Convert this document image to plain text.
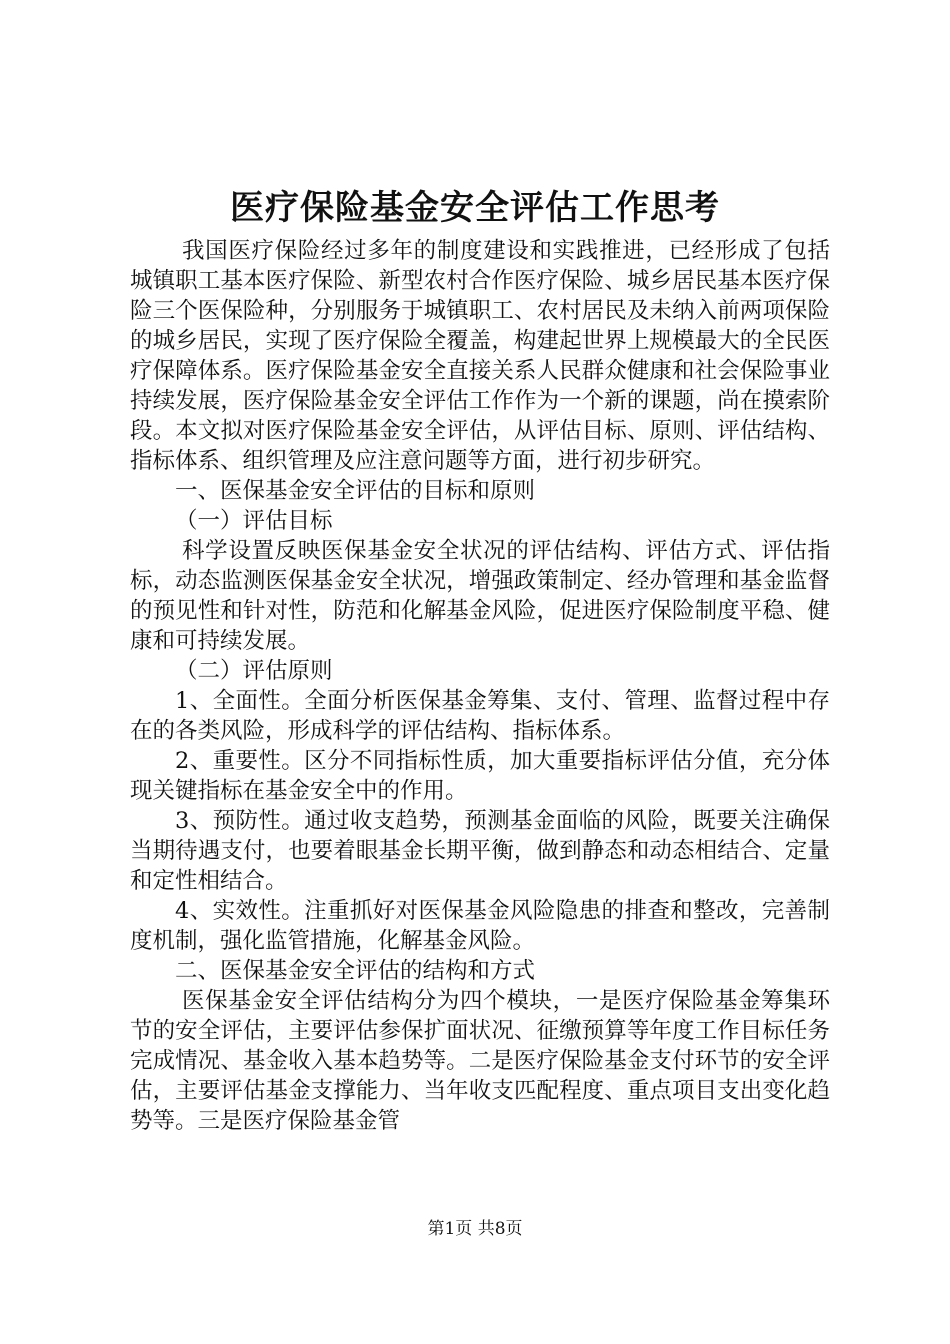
医疗保险基金安全评估工作思考

我国医疗保险经过多年的制度建设和实践推进，已经形成了包括城镇职工基本医疗保险、新型农村合作医疗保险、城乡居民基本医疗保险三个医保险种，分别服务于城镇职工、农村居民及未纳入前两项保险的城乡居民，实现了医疗保险全覆盖，构建起世界上规模最大的全民医疗保障体系。医疗保险基金安全直接关系人民群众健康和社会保险事业持续发展，医疗保险基金安全评估工作作为一个新的课题，尚在摸索阶段。本文拟对医疗保险基金安全评估，从评估目标、原则、评估结构、指标体系、组织管理及应注意问题等方面，进行初步研究。

一、医保基金安全评估的目标和原则

（一）评估目标

科学设置反映医保基金安全状况的评估结构、评估方式、评估指标，动态监测医保基金安全状况，增强政策制定、经办管理和基金监督的预见性和针对性，防范和化解基金风险，促进医疗保险制度平稳、健康和可持续发展。

（二）评估原则

1、全面性。全面分析医保基金筹集、支付、管理、监督过程中存在的各类风险，形成科学的评估结构、指标体系。

2、重要性。区分不同指标性质，加大重要指标评估分值，充分体现关键指标在基金安全中的作用。

3、预防性。通过收支趋势，预测基金面临的风险，既要关注确保当期待遇支付，也要着眼基金长期平衡，做到静态和动态相结合、定量和定性相结合。

4、实效性。注重抓好对医保基金风险隐患的排查和整改，完善制度机制，强化监管措施，化解基金风险。

二、医保基金安全评估的结构和方式

医保基金安全评估结构分为四个模块，一是医疗保险基金筹集环节的安全评估，主要评估参保扩面状况、征缴预算等年度工作目标任务完成情况、基金收入基本趋势等。二是医疗保险基金支付环节的安全评估，主要评估基金支撑能力、当年收支匹配程度、重点项目支出变化趋势等。三是医疗保险基金管

第1页 共8页
